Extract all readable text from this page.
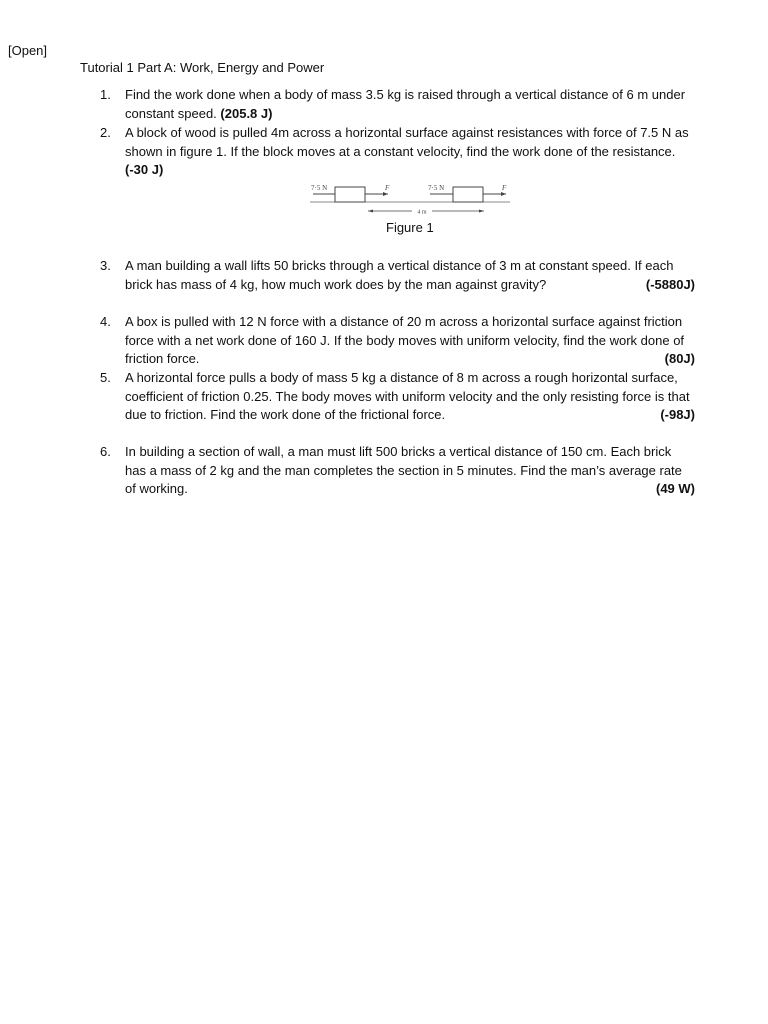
[Open]
Tutorial 1 Part A: Work, Energy and Power
1.	Find the work done when a body of mass 3.5 kg is raised through a vertical distance of 6 m under constant speed. (205.8 J)
2.	A block of wood is pulled 4m across a horizontal surface against resistances with force of 7.5 N as shown in figure 1. If the block moves at a constant velocity, find the work done of the resistance. (-30 J)
7·5 N	F	7·5 N	F
4 m
Figure 1
3.	A man building a wall lifts 50 bricks through a vertical distance of 3 m at constant speed. If each brick has mass of 4 kg, how much work does by the man against gravity?	(-5880J)
4.	A box is pulled with 12 N force with a distance of 20 m across a horizontal surface against friction force with a net work done of 160 J. If the body moves with uniform velocity, find the work done of friction force.	(80J)
5.	A horizontal force pulls a body of mass 5 kg a distance of 8 m across a rough horizontal surface, coefficient of friction 0.25. The body moves with uniform velocity and the only resisting force is that due to friction. Find the work done of the frictional force.	(-98J)
6.	In building a section of wall, a man must lift 500 bricks a vertical distance of 150 cm. Each brick has a mass of 2 kg and the man completes the section in 5 minutes. Find the man’s average rate of working.	(49 W)
